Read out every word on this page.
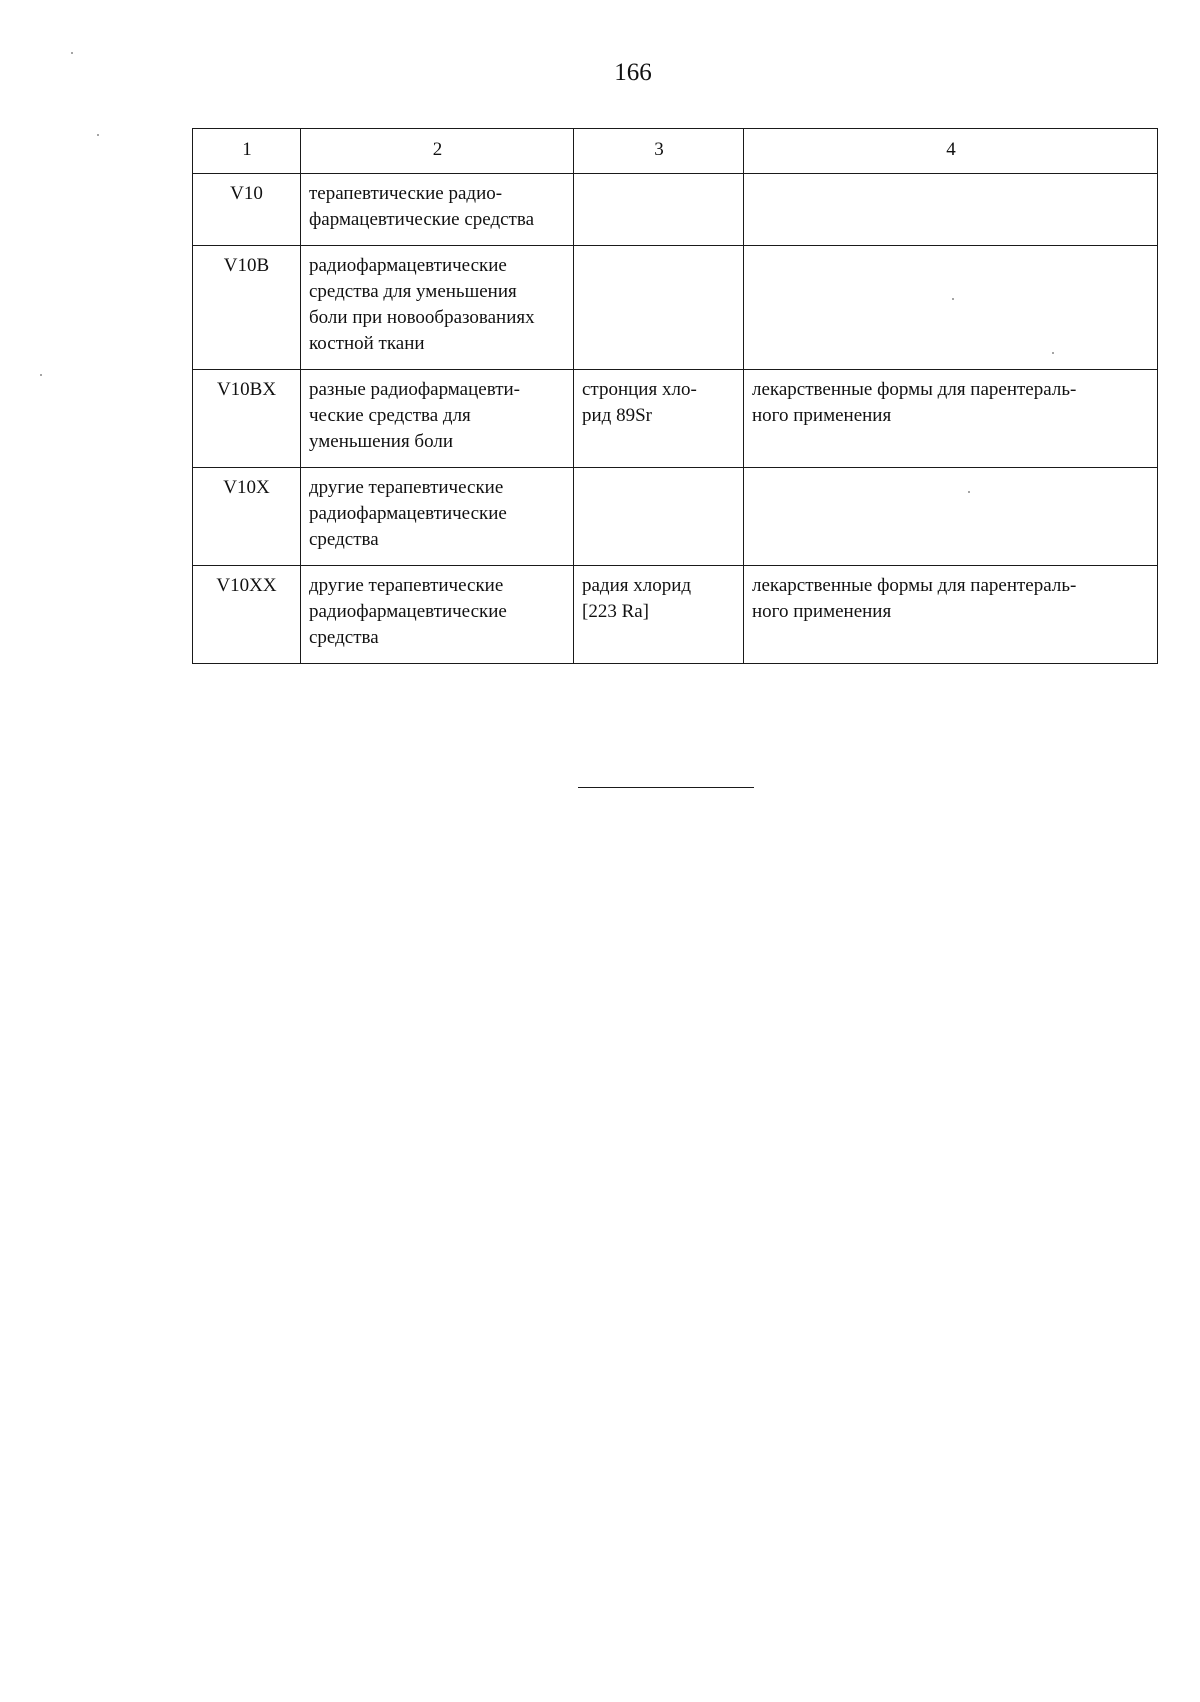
166
1	2	3	4

V10	терапевтические радио-
фармацевтические средства		

V10B	радиофармацевтические
средства для уменьшения
боли при новообразованиях
костной ткани		

V10BX	разные радиофармацевти-
ческие средства для
уменьшения боли	стронция хло-
рид 89Sr	лекарственные формы для парентераль-
ного применения

V10X	другие терапевтические
радиофармацевтические
средства		

V10XX	другие терапевтические
радиофармацевтические
средства	радия хлорид
[223 Ra]	лекарственные формы для парентераль-
ного применения
